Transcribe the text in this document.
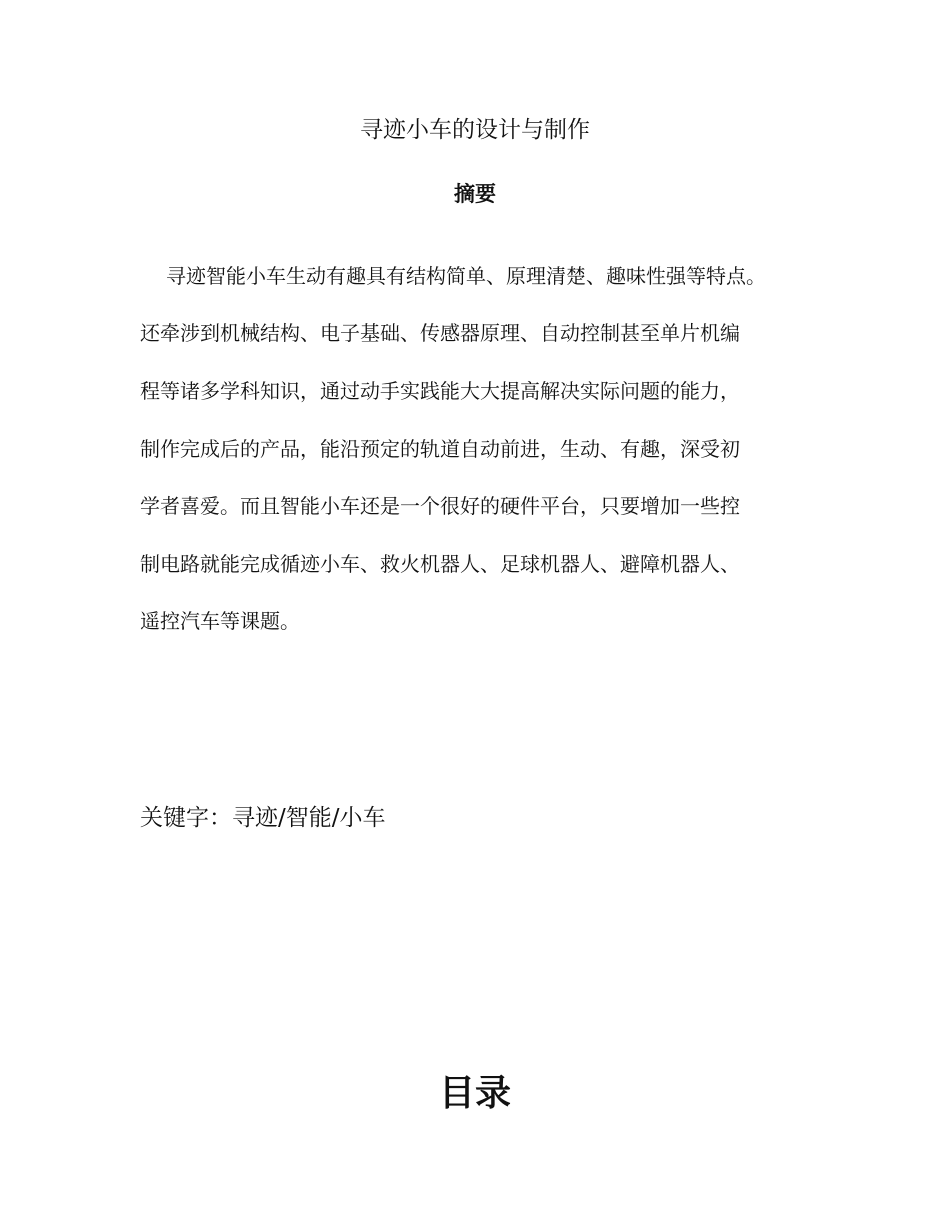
寻迹小车的设计与制作
摘要
寻迹智能小车生动有趣具有结构简单、原理清楚、趣味性强等特点。
还牵涉到机械结构、电子基础、传感器原理、自动控制甚至单片机编
程等诸多学科知识，通过动手实践能大大提高解决实际问题的能力，
制作完成后的产品，能沿预定的轨道自动前进，生动、有趣，深受初
学者喜爱。而且智能小车还是一个很好的硬件平台，只要增加一些控
制电路就能完成循迹小车、救火机器人、足球机器人、避障机器人、
遥控汽车等课题。
关键字：寻迹/智能/小车
目录
